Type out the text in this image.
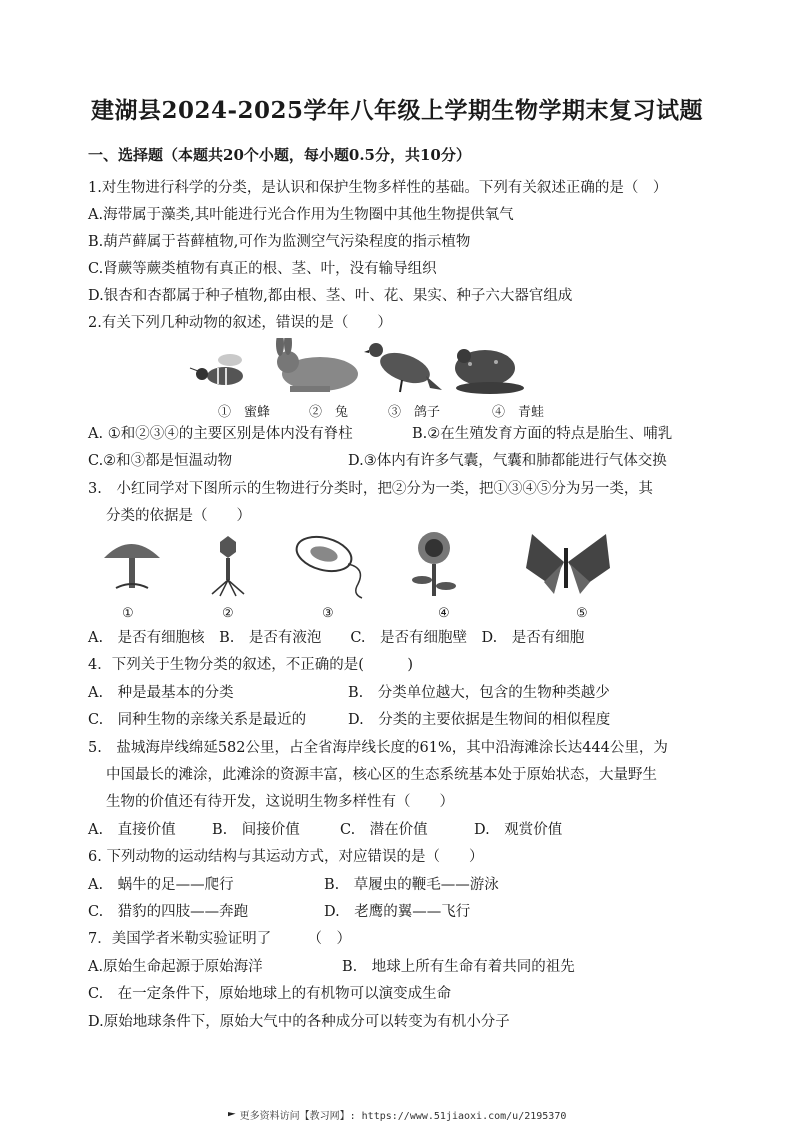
建湖县2024-2025学年八年级上学期生物学期末复习试题
一、选择题（本题共20个小题，每小题0.5分，共10分）
1.对生物进行科学的分类，是认识和保护生物多样性的基础。下列有关叙述正确的是（　）
A.海带属于藻类,其叶能进行光合作用为生物圈中其他生物提供氧气
B.葫芦藓属于苔藓植物,可作为监测空气污染程度的指示植物
C.肾蕨等蕨类植物有真正的根、茎、叶，没有输导组织
D.银杏和杏都属于种子植物,都由根、茎、叶、花、果实、种子六大器官组成
2.有关下列几种动物的叙述，错误的是（　　）
①　蜜蜂	②　兔	③　鸽子	④　青蛙
A. ①和②③④的主要区别是体内没有脊柱	B.②在生殖发育方面的特点是胎生、哺乳
C.②和③都是恒温动物	D.③体内有许多气囊，气囊和肺都能进行气体交换
3.　小红同学对下图所示的生物进行分类时，把②分为一类，把①③④⑤分为另一类，其
分类的依据是（　　）
①	②	③	④	⑤
A.　是否有细胞核　B.　是否有液泡　　C.　是否有细胞壁　D.　是否有细胞
4．下列关于生物分类的叙述，不正确的是(　　　)
A.　种是最基本的分类	B.　分类单位越大，包含的生物种类越少
C.　同种生物的亲缘关系是最近的	D.　分类的主要依据是生物间的相似程度
5.　盐城海岸线绵延582公里，占全省海岸线长度的61%，其中沿海滩涂长达444公里，为
中国最长的滩涂，此滩涂的资源丰富，核心区的生态系统基本处于原始状态，大量野生
生物的价值还有待开发，这说明生物多样性有（　　）
A.　直接价值	B.　间接价值	C.　潜在价值	D.　观赏价值
6. 下列动物的运动结构与其运动方式，对应错误的是（　　）
A.　蜗牛的足——爬行	B.　草履虫的鞭毛——游泳
C.　猎豹的四肢——奔跑	D.　老鹰的翼——飞行
7．美国学者米勒实验证明了　　　（　）
A.原始生命起源于原始海洋	B.　地球上所有生命有着共同的祖先
C.　在一定条件下，原始地球上的有机物可以演变成生命
D.原始地球条件下，原始大气中的各种成分可以转变为有机小分子
更多资料访问【教习网】: https://www.51jiaoxi.com/u/2195370
